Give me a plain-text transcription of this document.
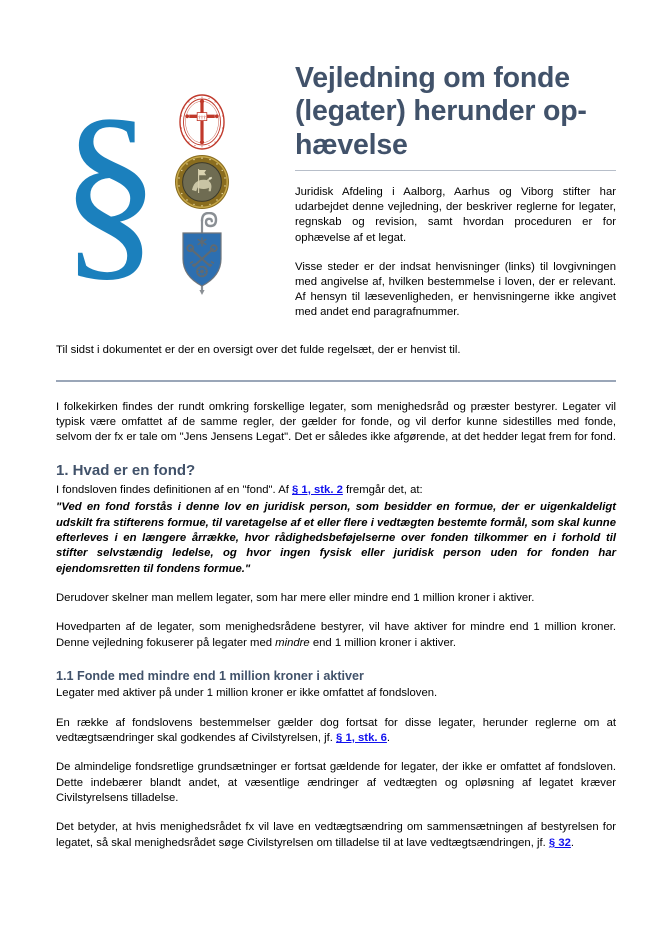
§	†††
Vejledning om fonde
(legater) herunder op-
hævelse

Juridisk Afdeling i Aalborg, Aarhus og Viborg stifter har udarbejdet denne vejledning, der beskriver reglerne for legater, regnskab og revision, samt hvordan proceduren er for ophævelse af et legat.

Visse steder er der indsat henvisninger (links) til lovgivningen med angivelse af, hvilken bestemmelse i loven, der er relevant. Af hensyn til læsevenligheden, er henvisningerne ikke angivet med andet end paragrafnummer.

Til sidst i dokumentet er der en oversigt over det fulde regelsæt, der er henvist til.

I folkekirken findes der rundt omkring forskellige legater, som menighedsråd og præster bestyrer. Legater vil typisk være omfattet af de samme regler, der gælder for fonde, og vil derfor kunne sidestilles med fonde, selvom der fx er tale om "Jens Jensens Legat". Det er således ikke afgørende, at det hedder legat frem for fond.

1. Hvad er en fond?

I fondsloven findes definitionen af en "fond". Af § 1, stk. 2 fremgår det, at:

"Ved en fond forstås i denne lov en juridisk person, som besidder en formue, der er uigenkaldeligt udskilt fra stifterens formue, til varetagelse af et eller flere i vedtægten bestemte formål, som skal kunne efterleves i en længere årrække, hvor rådighedsbeføjelserne over fonden tilkommer en i forhold til stifter selvstændig ledelse, og hvor ingen fysisk eller juridisk person uden for fonden har ejendomsretten til fondens formue."

Derudover skelner man mellem legater, som har mere eller mindre end 1 million kroner i aktiver.

Hovedparten af de legater, som menighedsrådene bestyrer, vil have aktiver for mindre end 1 million kroner. Denne vejledning fokuserer på legater med mindre end 1 million kroner i aktiver.

1.1 Fonde med mindre end 1 million kroner i aktiver

Legater med aktiver på under 1 million kroner er ikke omfattet af fondsloven.

En række af fondslovens bestemmelser gælder dog fortsat for disse legater, herunder reglerne om at vedtægtsændringer skal godkendes af Civilstyrelsen, jf. § 1, stk. 6.

De almindelige fondsretlige grundsætninger er fortsat gældende for legater, der ikke er omfattet af fondsloven. Dette indebærer blandt andet, at væsentlige ændringer af vedtægten og opløsning af legatet kræver Civilstyrelsens tilladelse.

Det betyder, at hvis menighedsrådet fx vil lave en vedtægtsændring om sammensætningen af bestyrelsen for legatet, så skal menighedsrådet søge Civilstyrelsen om tilladelse til at lave vedtægtsændringen, jf. § 32.
